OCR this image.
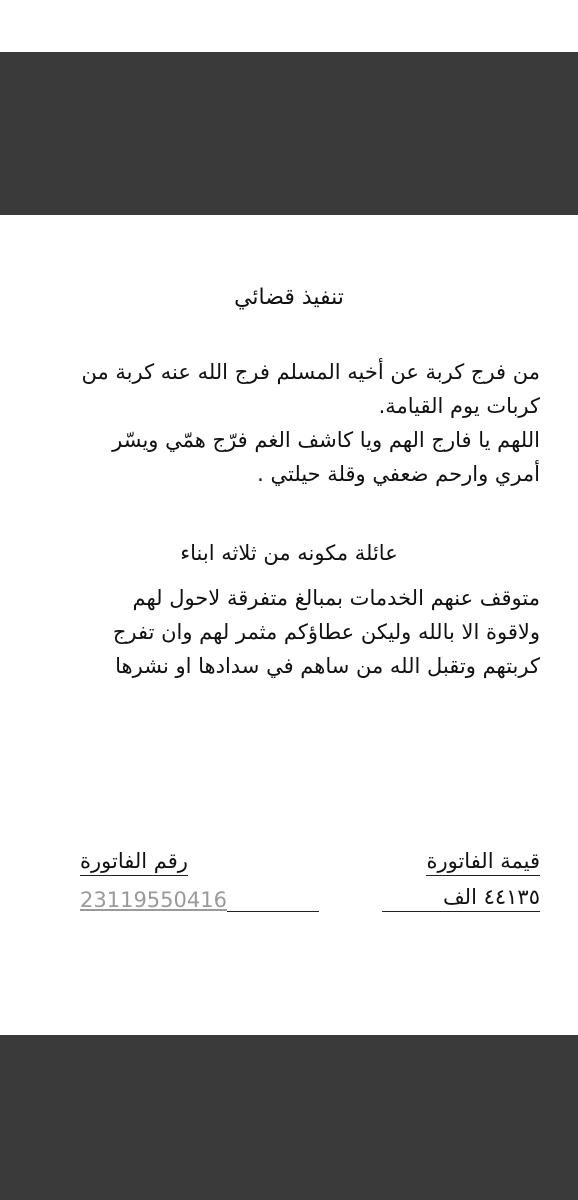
تنفيذ قضائي

من فرج كربة عن أخيه المسلم فرج الله عنه كربة من

كربات يوم القيامة.

اللهم يا فارج الهم ويا كاشف الغم فرّج همّي ويسّر

أمري وارحم ضعفي وقلة حيلتي .

عائلة مكونه من ثلاثه ابناء

متوقف عنهم الخدمات بمبالغ متفرقة لاحول لهم

ولاقوة الا بالله وليكن عطاؤكم مثمر لهم وان تفرج

كربتهم وتقبل الله من ساهم في سدادها او نشرها

قيمة الفاتورة
رقم الفاتورة
٤٤١٣٥ الف
23119550416
